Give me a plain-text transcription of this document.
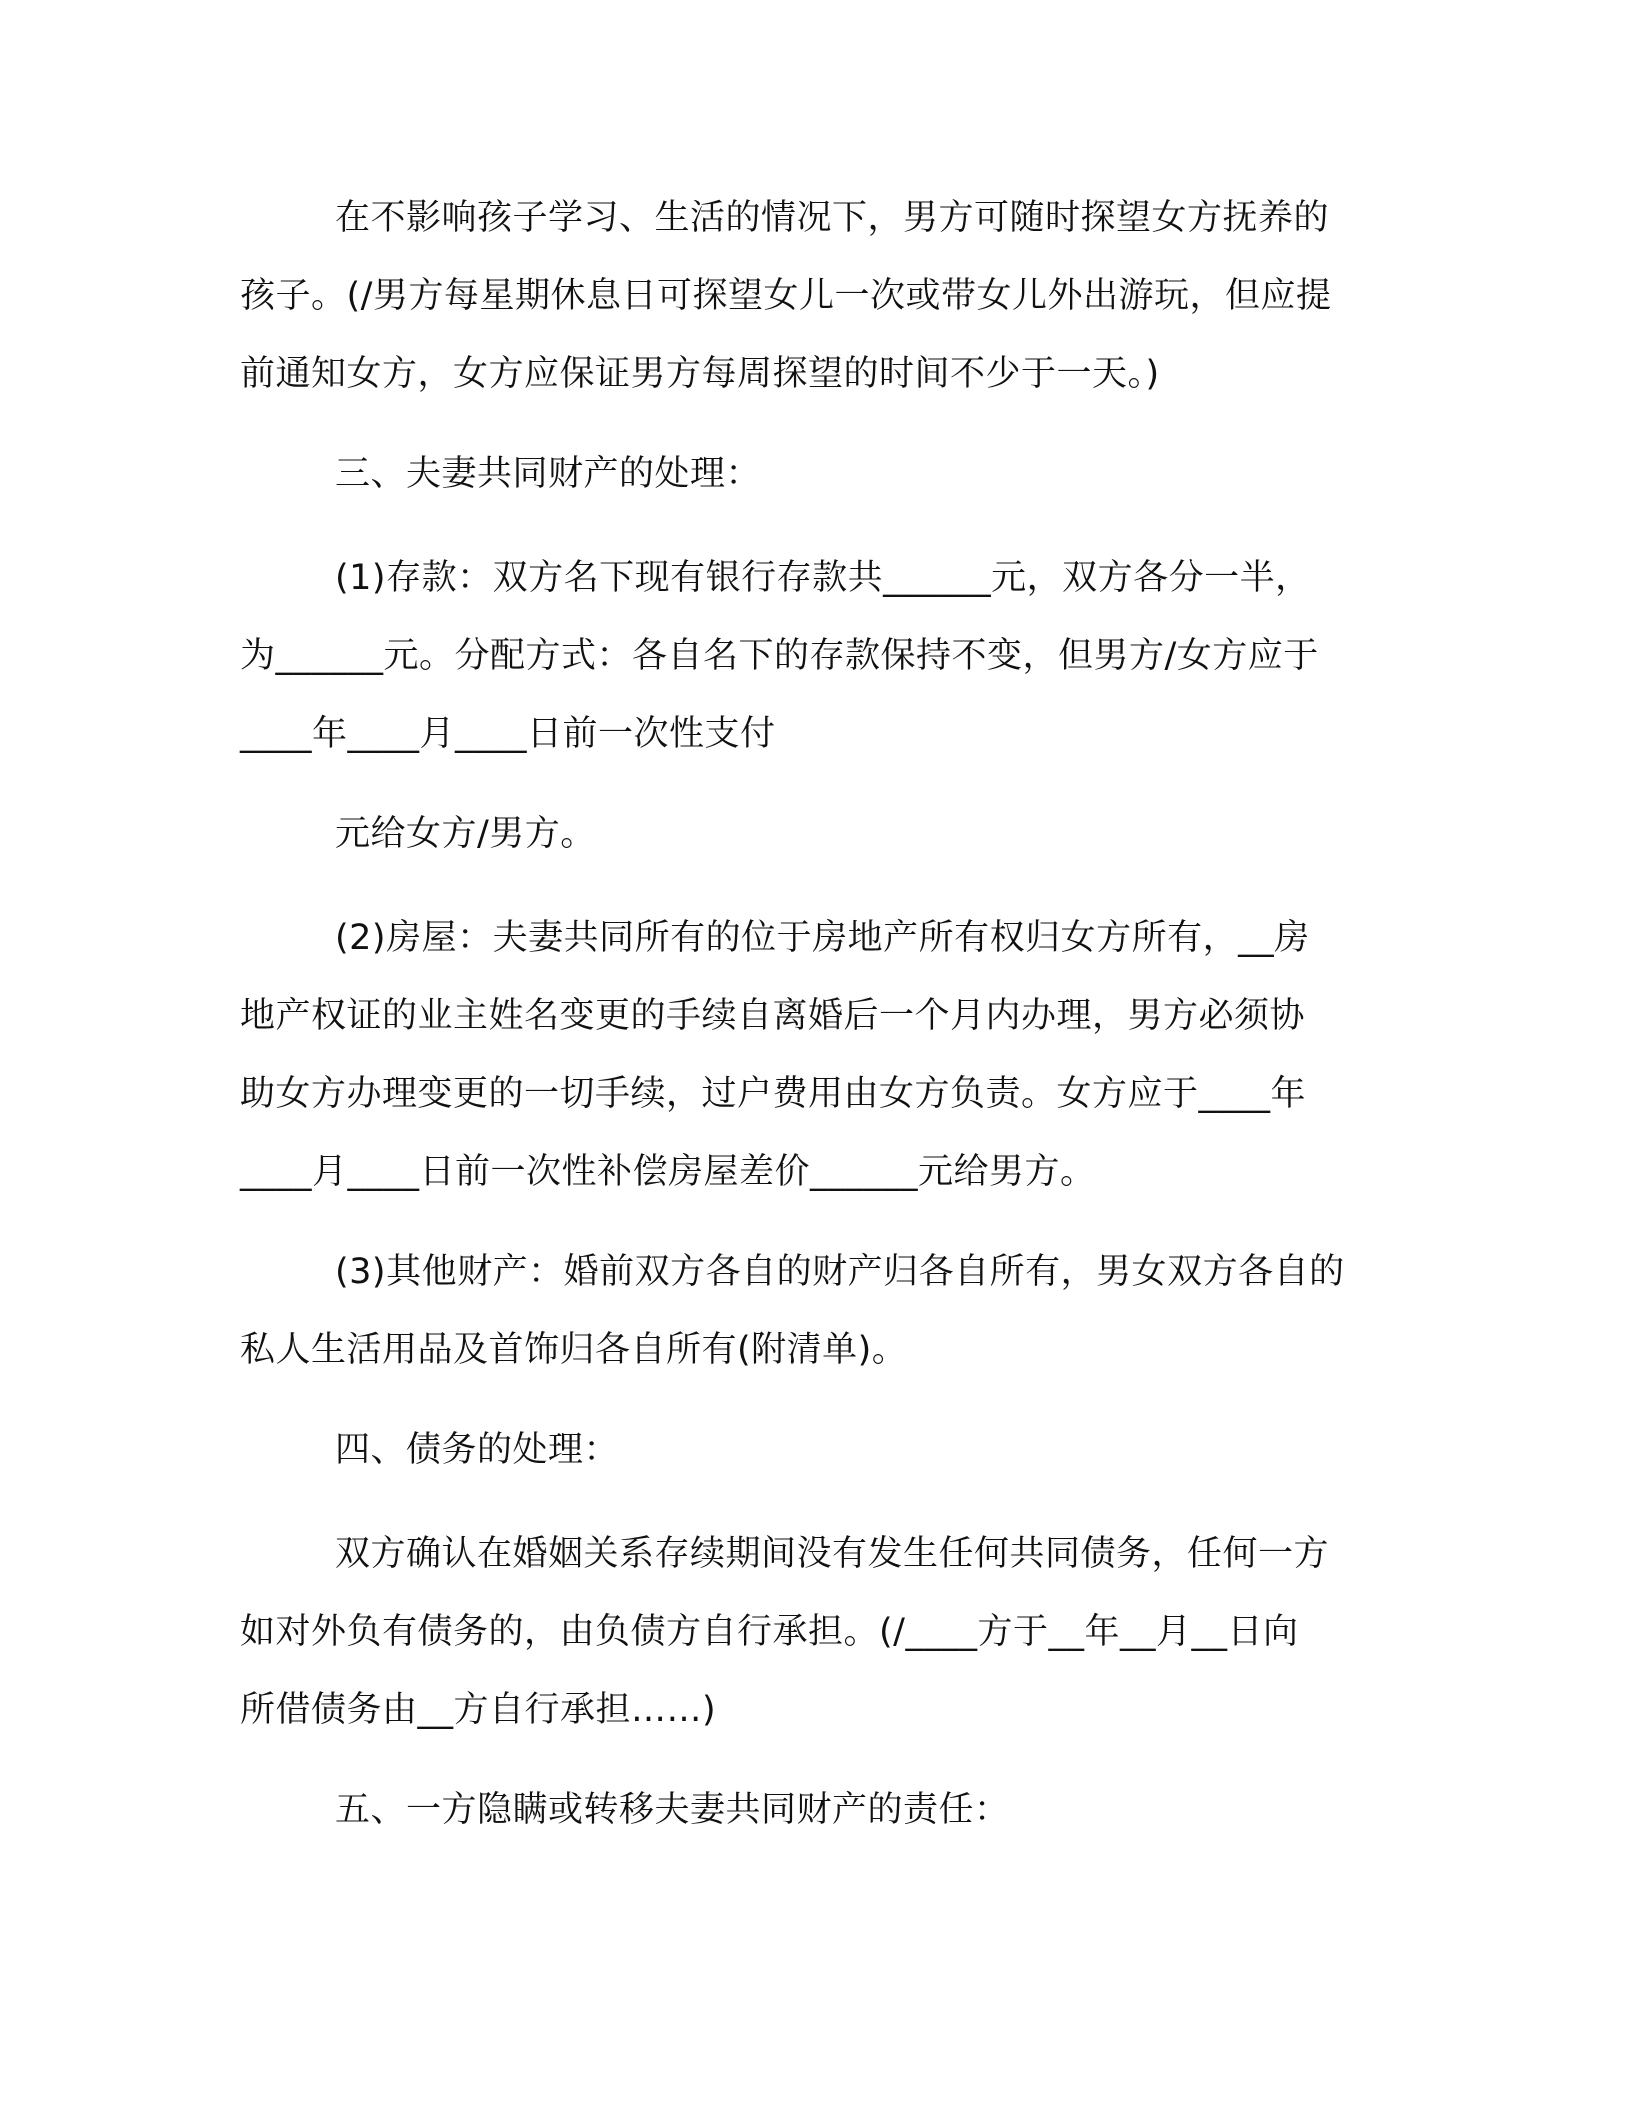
在不影响孩子学习、生活的情况下，男方可随时探望女方抚养的
孩子。(/男方每星期休息日可探望女儿一次或带女儿外出游玩，但应提
前通知女方，女方应保证男方每周探望的时间不少于一天。)
三、夫妻共同财产的处理：
(1)存款：双方名下现有银行存款共______元，双方各分一半，
为______元。分配方式：各自名下的存款保持不变，但男方/女方应于
____年____月____日前一次性支付
元给女方/男方。
(2)房屋：夫妻共同所有的位于房地产所有权归女方所有，__房
地产权证的业主姓名变更的手续自离婚后一个月内办理，男方必须协
助女方办理变更的一切手续，过户费用由女方负责。女方应于____年
____月____日前一次性补偿房屋差价______元给男方。
(3)其他财产：婚前双方各自的财产归各自所有，男女双方各自的
私人生活用品及首饰归各自所有(附清单)。
四、债务的处理：
双方确认在婚姻关系存续期间没有发生任何共同债务，任何一方
如对外负有债务的，由负债方自行承担。(/____方于__年__月__日向
所借债务由__方自行承担……)
五、一方隐瞒或转移夫妻共同财产的责任：
